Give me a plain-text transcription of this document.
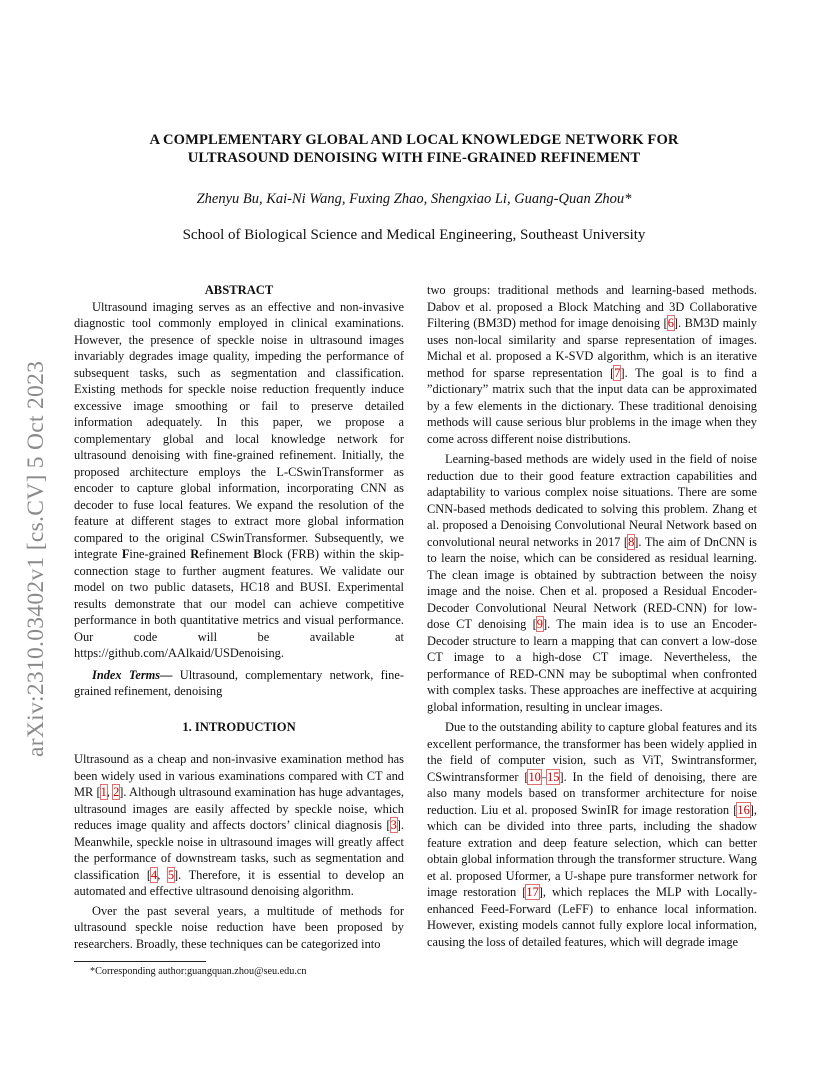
arXiv:2310.03402v1 [cs.CV] 5 Oct 2023
A COMPLEMENTARY GLOBAL AND LOCAL KNOWLEDGE NETWORK FOR
ULTRASOUND DENOISING WITH FINE-GRAINED REFINEMENT
Zhenyu Bu, Kai-Ni Wang, Fuxing Zhao, Shengxiao Li, Guang-Quan Zhou*
School of Biological Science and Medical Engineering, Southeast University
ABSTRACT

Ultrasound imaging serves as an effective and non-invasive diagnostic tool commonly employed in clinical examinations. However, the presence of speckle noise in ultrasound images invariably degrades image quality, impeding the performance of subsequent tasks, such as segmentation and classification. Existing methods for speckle noise reduction frequently induce excessive image smoothing or fail to preserve detailed information adequately. In this paper, we propose a complementary global and local knowledge network for ultrasound denoising with fine-grained refinement. Initially, the proposed architecture employs the L-CSwinTransformer as encoder to capture global information, incorporating CNN as decoder to fuse local features. We expand the resolution of the feature at different stages to extract more global information compared to the original CSwinTransformer. Subsequently, we integrate Fine-grained Refinement Block (FRB) within the skip-connection stage to further augment features. We validate our model on two public datasets, HC18 and BUSI. Experimental results demonstrate that our model can achieve competitive performance in both quantitative metrics and visual performance. Our code will be available at https://github.com/AAlkaid/USDenoising.

Index Terms— Ultrasound, complementary network, fine-grained refinement, denoising

1. INTRODUCTION

Ultrasound as a cheap and non-invasive examination method has been widely used in various examinations compared with CT and MR [1, 2]. Although ultrasound examination has huge advantages, ultrasound images are easily affected by speckle noise, which reduces image quality and affects doctors’ clinical diagnosis [3]. Meanwhile, speckle noise in ultrasound images will greatly affect the performance of downstream tasks, such as segmentation and classification [4, 5]. Therefore, it is essential to develop an automated and effective ultrasound denoising algorithm.

Over the past several years, a multitude of methods for ultrasound speckle noise reduction have been proposed by researchers. Broadly, these techniques can be categorized into

two groups: traditional methods and learning-based methods. Dabov et al. proposed a Block Matching and 3D Collaborative Filtering (BM3D) method for image denoising [6]. BM3D mainly uses non-local similarity and sparse representation of images. Michal et al. proposed a K-SVD algorithm, which is an iterative method for sparse representation [7]. The goal is to find a ”dictionary” matrix such that the input data can be approximated by a few elements in the dictionary. These traditional denoising methods will cause serious blur problems in the image when they come across different noise distributions.

Learning-based methods are widely used in the field of noise reduction due to their good feature extraction capabilities and adaptability to various complex noise situations. There are some CNN-based methods dedicated to solving this problem. Zhang et al. proposed a Denoising Convolutional Neural Network based on convolutional neural networks in 2017 [8]. The aim of DnCNN is to learn the noise, which can be considered as residual learning. The clean image is obtained by subtraction between the noisy image and the noise. Chen et al. proposed a Residual Encoder-Decoder Convolutional Neural Network (RED-CNN) for low-dose CT denoising [9]. The main idea is to use an Encoder-Decoder structure to learn a mapping that can convert a low-dose CT image to a high-dose CT image. Nevertheless, the performance of RED-CNN may be suboptimal when confronted with complex tasks. These approaches are ineffective at acquiring global information, resulting in unclear images.

Due to the outstanding ability to capture global features and its excellent performance, the transformer has been widely applied in the field of computer vision, such as ViT, Swintransformer, CSwintransformer [10–15]. In the field of denoising, there are also many models based on transformer architecture for noise reduction. Liu et al. proposed SwinIR for image restoration [16], which can be divided into three parts, including the shadow feature extration and deep feature selection, which can better obtain global information through the transformer structure. Wang et al. proposed Uformer, a U-shape pure transformer network for image restoration [17], which replaces the MLP with Locally-enhanced Feed-Forward (LeFF) to enhance local information. However, existing models cannot fully explore local information, causing the loss of detailed features, which will degrade image

*Corresponding author:guangquan.zhou@seu.edu.cn
